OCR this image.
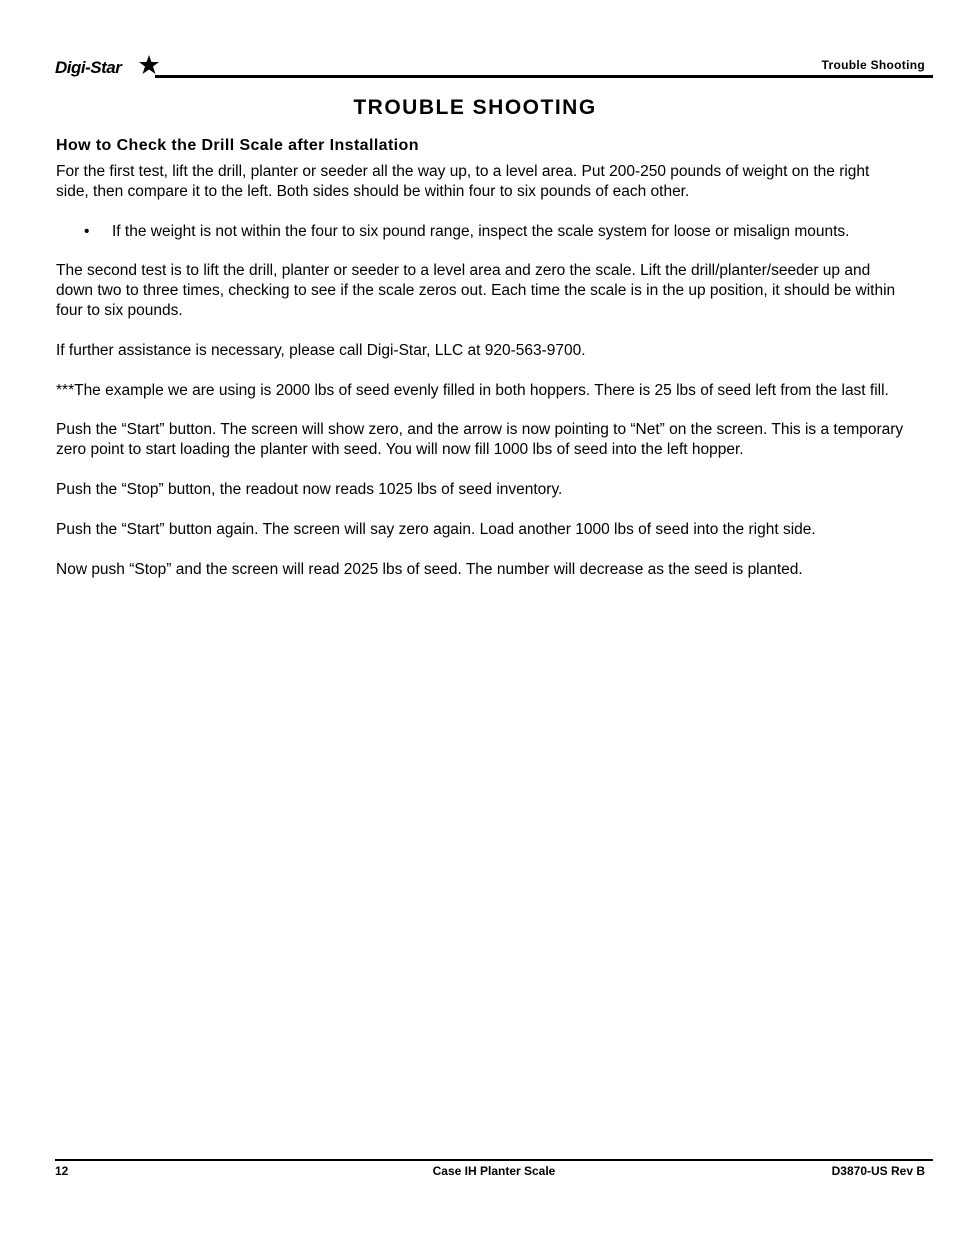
Digi-Star	Trouble Shooting
TROUBLE SHOOTING
How to Check the Drill Scale after Installation

For the first test, lift the drill, planter or seeder all the way up, to a level area. Put 200-250 pounds of weight on the right side, then compare it to the left. Both sides should be within four to six pounds of each other.

• If the weight is not within the four to six pound range, inspect the scale system for loose or misalign mounts.

The second test is to lift the drill, planter or seeder to a level area and zero the scale. Lift the drill/planter/seeder up and down two to three times, checking to see if the scale zeros out. Each time the scale is in the up position, it should be within four to six pounds.

If further assistance is necessary, please call Digi-Star, LLC at 920-563-9700.

***The example we are using is 2000 lbs of seed evenly filled in both hoppers. There is 25 lbs of seed left from the last fill.

Push the “Start” button. The screen will show zero, and the arrow is now pointing to “Net” on the screen. This is a temporary zero point to start loading the planter with seed. You will now fill 1000 lbs of seed into the left hopper.

Push the “Stop” button, the readout now reads 1025 lbs of seed inventory.

Push the “Start” button again. The screen will say zero again. Load another 1000 lbs of seed into the right side.

Now push “Stop” and the screen will read 2025 lbs of seed. The number will decrease as the seed is planted.

12	Case IH Planter Scale	D3870-US Rev B
